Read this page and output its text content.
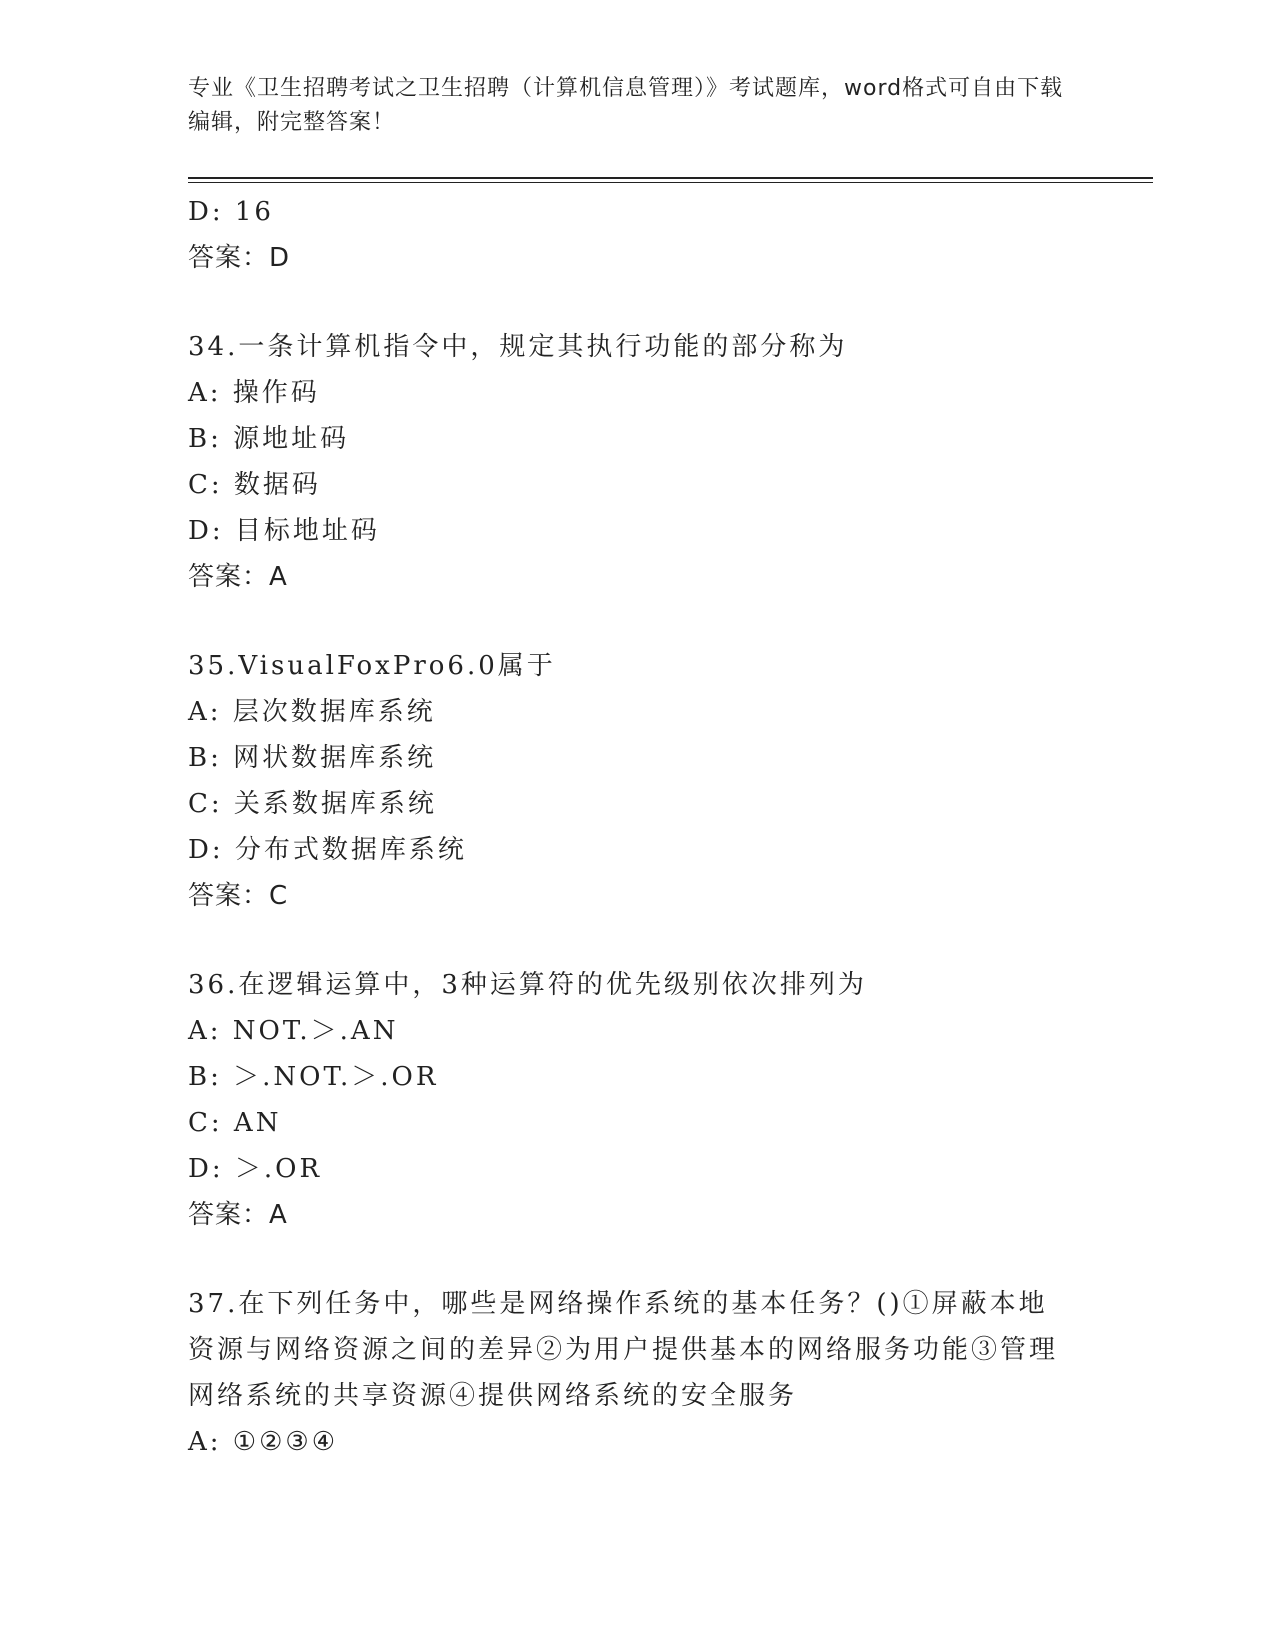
专业《卫生招聘考试之卫生招聘（计算机信息管理）》考试题库，word格式可自由下载编辑，附完整答案！
D: 16
答案：D
34.一条计算机指令中，规定其执行功能的部分称为
A: 操作码
B: 源地址码
C: 数据码
D: 目标地址码
答案：A
35.VisualFoxPro6.0属于
A: 层次数据库系统
B: 网状数据库系统
C: 关系数据库系统
D: 分布式数据库系统
答案：C
36.在逻辑运算中，3种运算符的优先级别依次排列为
A: NOT.＞.AN
B: ＞.NOT.＞.OR
C: AN
D: ＞.OR
答案：A
37.在下列任务中，哪些是网络操作系统的基本任务？()①屏蔽本地资源与网络资源之间的差异②为用户提供基本的网络服务功能③管理网络系统的共享资源④提供网络系统的安全服务
A: ①②③④
